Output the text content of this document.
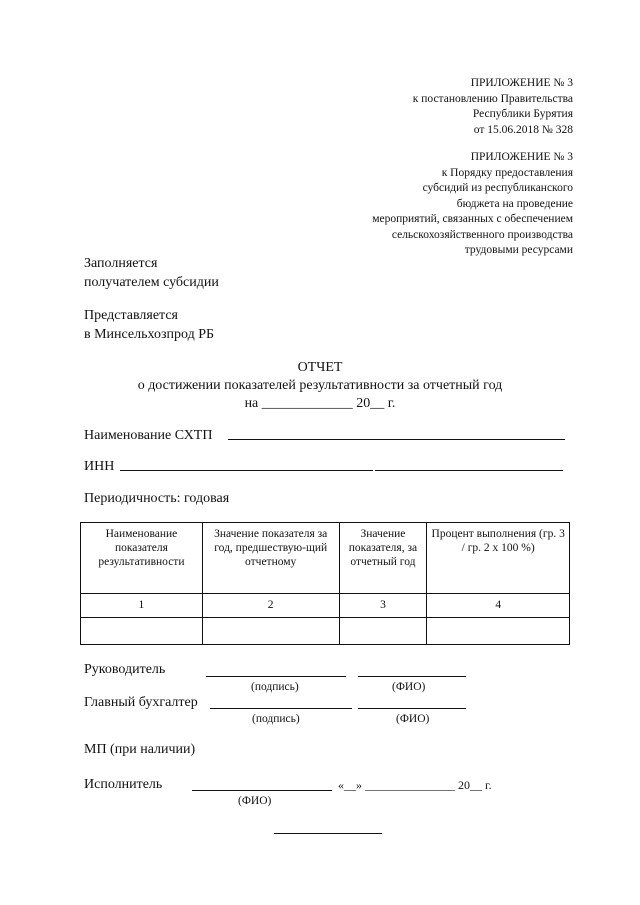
ПРИЛОЖЕНИЕ № 3
к постановлению Правительства
Республики Бурятия
от 15.06.2018 № 328
ПРИЛОЖЕНИЕ № 3
к Порядку предоставления
субсидий из республиканского
бюджета на проведение
мероприятий, связанных с обеспечением
сельскохозяйственного производства
трудовыми ресурсами
Заполняется
получателем субсидии
Представляется
в Минсельхозпрод РБ
ОТЧЕТ
о достижении показателей результативности за отчетный год
на _____________ 20__ г.
Наименование СХТП
ИНН
Периодичность: годовая
Наименование показателя результативности	Значение показателя за год, предшествую-щий отчетному	Значение показателя, за отчетный год	Процент выполнения (гр. 3 / гр. 2 х 100 %)
1	2	3	4

Руководитель
(подпись)	(ФИО)
Главный бухгалтер
(подпись)	(ФИО)
МП (при наличии)
Исполнитель	«__» _______________ 20__ г.
(ФИО)
